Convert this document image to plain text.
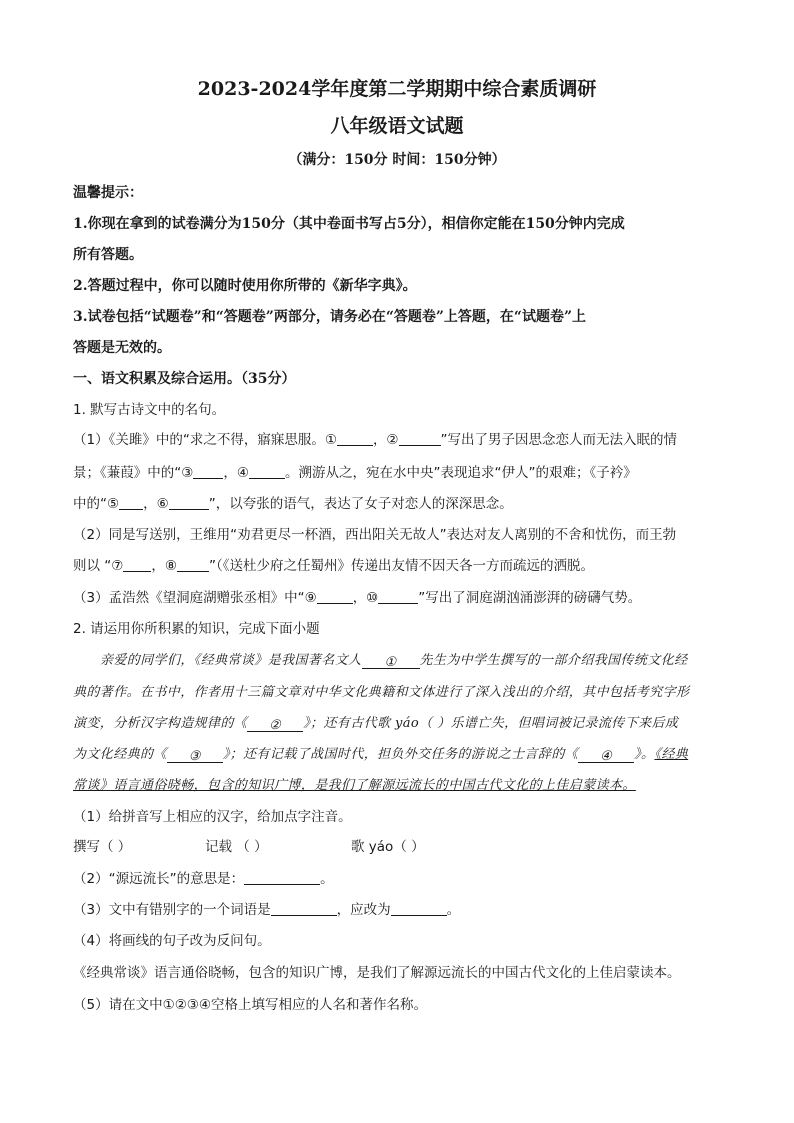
2023-2024学年度第二学期期中综合素质调研
八年级语文试题
（满分：150分 时间：150分钟）
温馨提示：
1.你现在拿到的试卷满分为150分（其中卷面书写占5分），相信你定能在150分钟内完成
所有答题。
2.答题过程中，你可以随时使用你所带的《新华字典》。
3.试卷包括“试题卷”和“答题卷”两部分，请务必在“答题卷”上答题，在“试题卷”上
答题是无效的。
一、语文积累及综合运用。（35分）
1. 默写古诗文中的名句。
（1）《关雎》中的“求之不得，寤寐思服。①	，②	”写出了男子因思念恋人而无法入眠的情
景；《蒹葭》中的“③ ，④	。溯游从之，宛在水中央”表现追求“伊人”的艰难；《子衿》
中的“⑤ ，⑥	”，以夸张的语气，表达了女子对恋人的深深思念。
（2）同是写送别，王维用“劝君更尽一杯酒，西出阳关无故人”表达对友人离别的不舍和忧伤，而王勃
则以 “⑦ ，⑧ ”（《送杜少府之任蜀州》传递出友情不因天各一方而疏远的洒脱。
（3）孟浩然《望洞庭湖赠张丞相》中“⑨	，⑩	”写出了洞庭湖汹涌澎湃的磅礴气势。
2. 请运用你所积累的知识，完成下面小题
亲爱的同学们，《经典常谈》是我国著名文人 ① 先生为中学生撰写的一部介绍我国传统文化经
典的著作。在书中，作者用十三篇文章对中华文化典籍和文体进行了深入浅出的介绍，其中包括考究字形
演变，分析汉字构造规律的《 ② 》；还有古代歌 yáo（ ）乐谱亡失，但唱词被记录流传下来后成
为文化经典的《 ③ 》；还有记载了战国时代，担负外交任务的游说之士言辞的《 ④ 》。《经典
常谈》语言通俗晓畅，包含的知识广博，是我们了解源远流长的中国古代文化的上佳启蒙读本。
（1）给拼音写上相应的汉字，给加点字注音。
撰写（ ）	记载 （ ）	歌 yáo（ ）
（2）“源远流长”的意思是：	。
（3）文中有错别字的一个词语是	，应改为	。
（4）将画线的句子改为反问句。
《经典常谈》语言通俗晓畅，包含的知识广博，是我们了解源远流长的中国古代文化的上佳启蒙读本。
（5）请在文中①②③④空格上填写相应的人名和著作名称。
